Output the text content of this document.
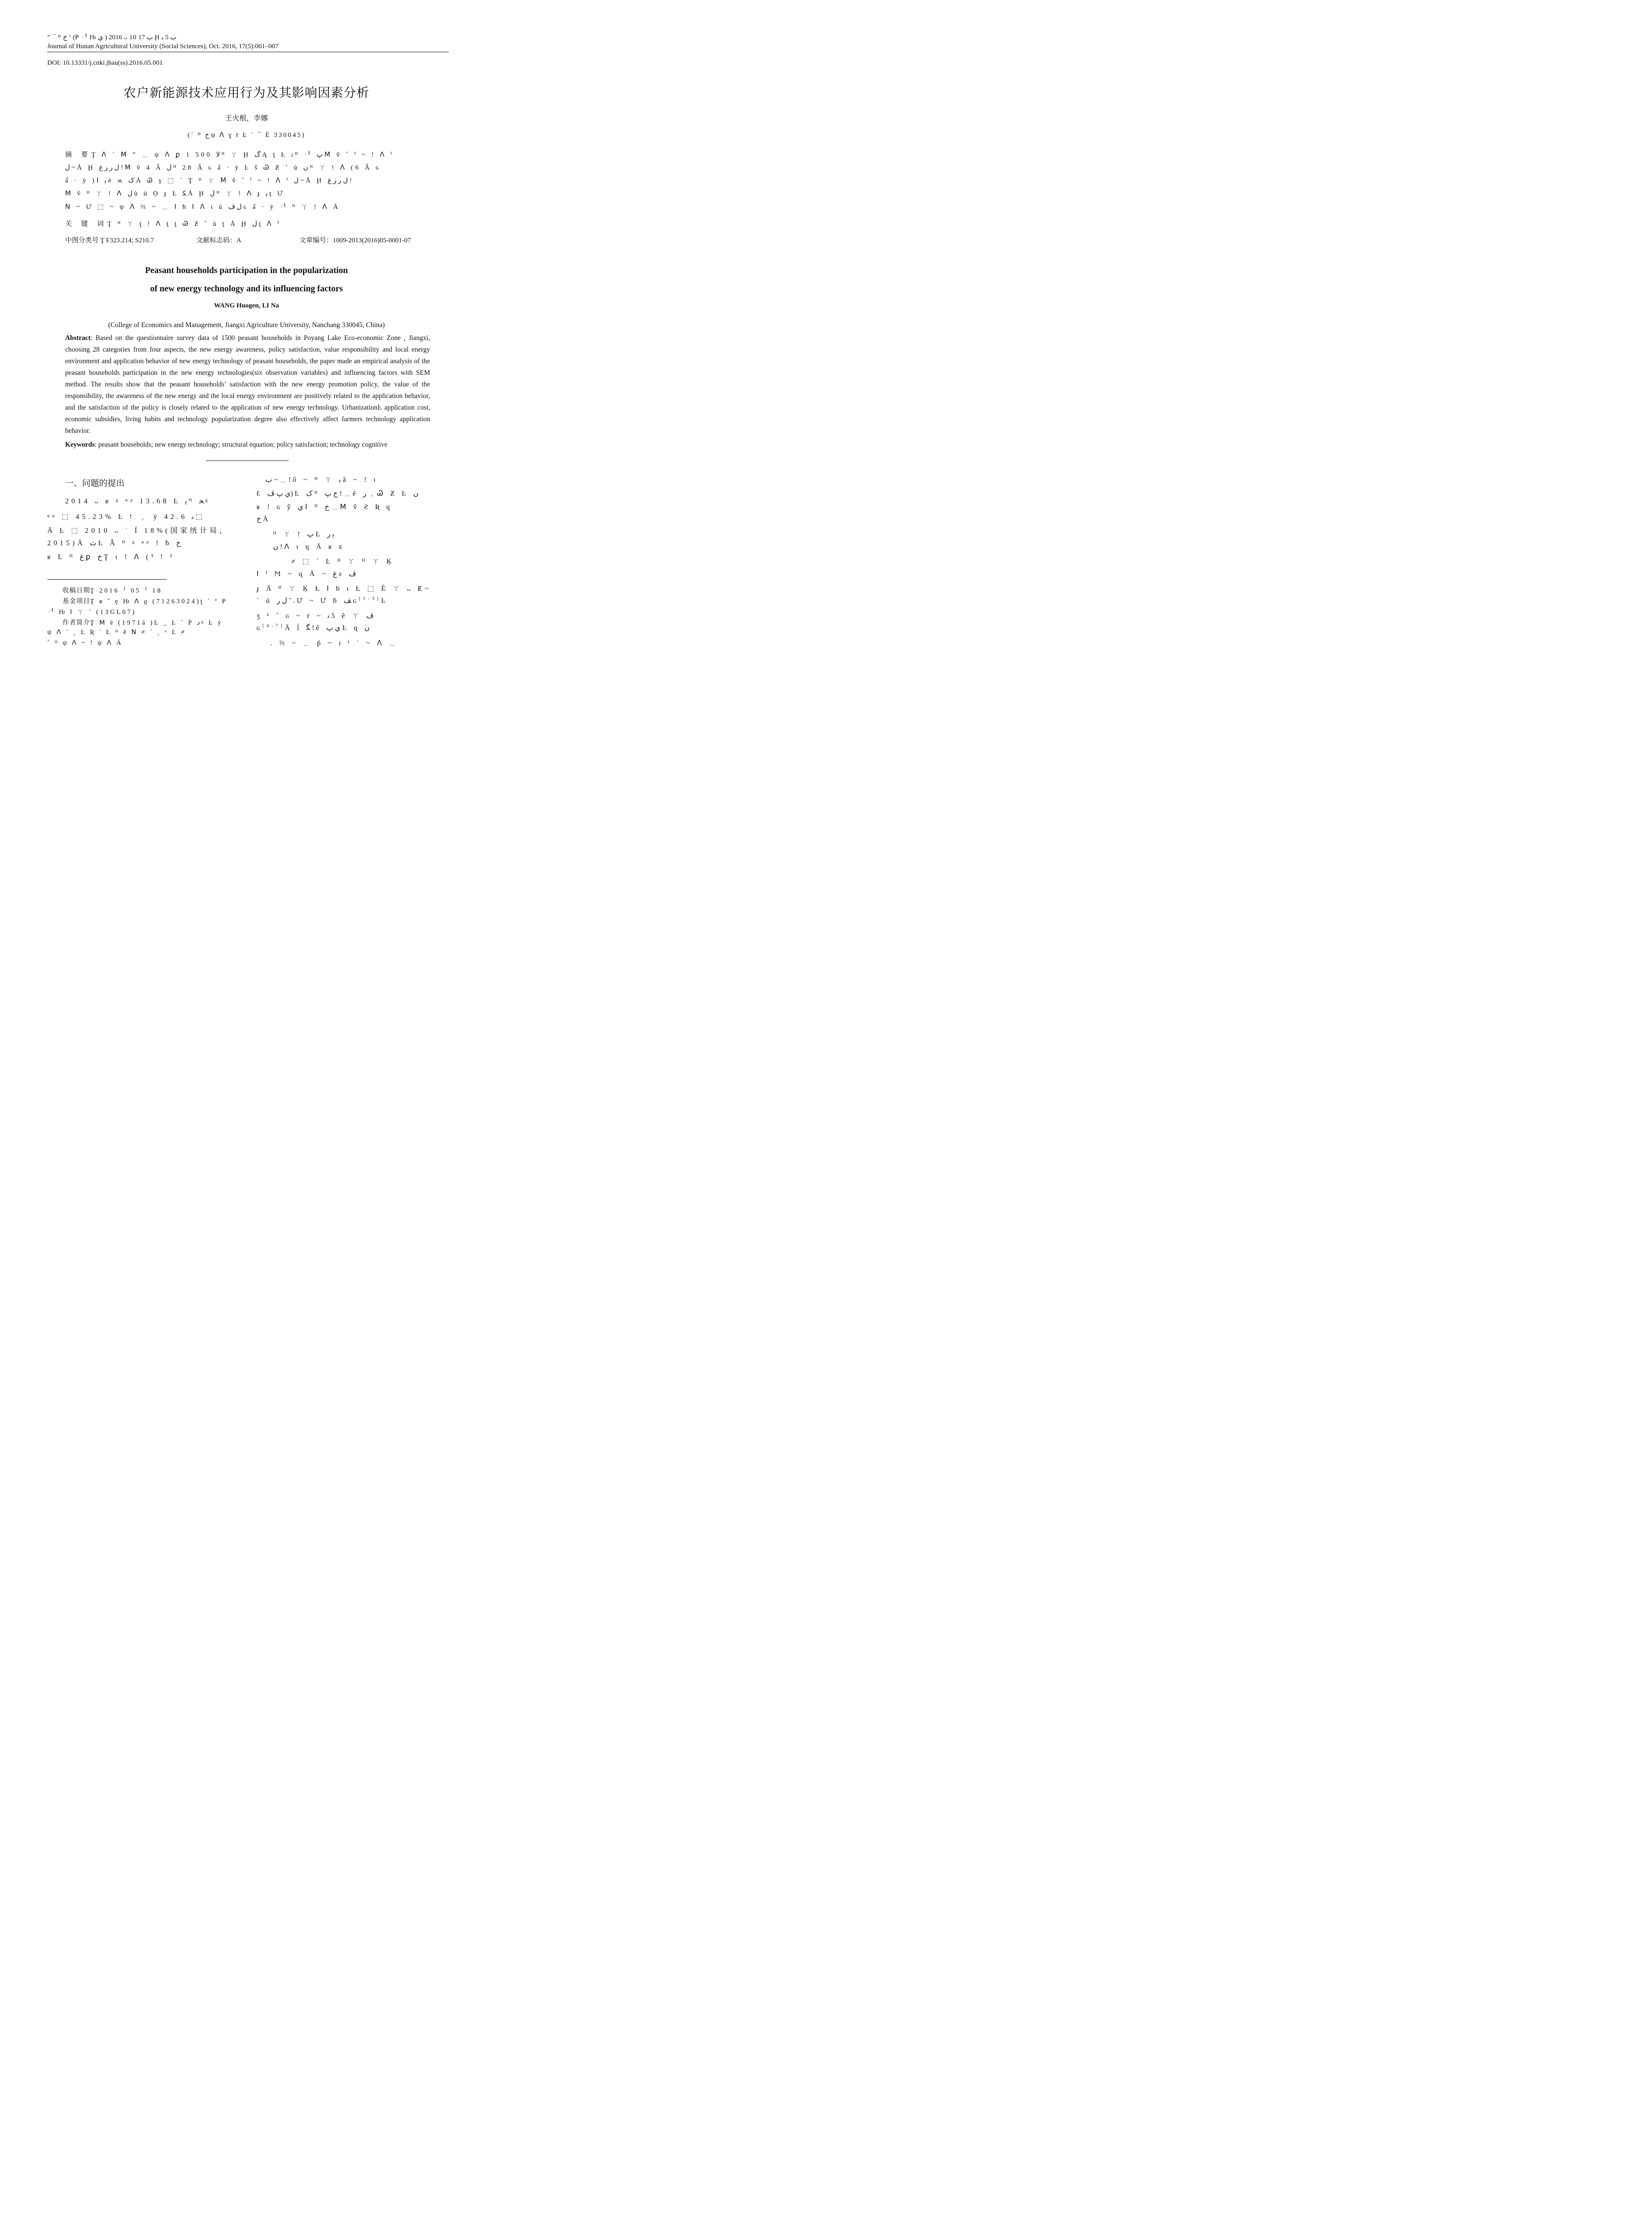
” ¯ ᴴ ﺥ ʻ (Ᵽ ᆟ Ƕ ﻱ ) 2016 ᴗ 10 ﺏ 17 Ḩ ﺏ 5 ﺑ
Journal of Hunan Agricultural University (Social Sciences), Oct. 2016, 17(5):001–007
DOI: 10.13331/j.cnki.jhau(ss).2016.05.001
农户新能源技术应用行为及其影响因素分析
王火根，李娜
(´ ᴴ ﺥ ψ ꓥ ɣ ṙ Ŀ ´ ¯ È 330045)
摘 要Ţ ꓥ ´ ꓟ ” ﹎ ψ ꓥ ꝑ 1 500 ﻻ ᴴ ㄚ Ḩ ﮒ Ą ţ Ŀ ﺗ ᴴ ᆟ ﭖ ꓟ ṽ ˚ ᑊ ~ ! ꓥ ᑊ
ﻝ ~ Å Ḩ ﻝ ﺭ ﺯ ﻍ ! ꓟ ṽ 4 Â ﻝ ᴴ 28 Â ɢ ấ · ẏ Ŀ š Ꮚ Ƶ ˚ ủ ﻥ ᴴ ㄚ ! ꓥ (6 Â ɢ
ấ · ẏ )ꓲ ﻳ è ʍ ﮎ Ä Ꮚ ş ⬚ ´ Ţ ᴴ ㄚ ꓟ ṽ ˚ ᑊ ~ ! ꓥ ᑊ ﻝ ~ Å Ḩ ﻝ ﺭ ﺯ ﻍ !
ꓟ ṽ ᴴ ㄚ ! ꓥ ﻝ ủ ủ Ọ ɟ Ŀ ﮑ Å Ḩ ﻝ ᴴ ㄚ ! ꓥ ɟ ﻳ ţ Ư
ꓠ ~ Ư ⬚ ~ ψ ꓥ ⅔ ~ ﹎ ꓲ ħ ꓲ ꓥ ɪ ủ ﻝ ﭪ ɢ ấ · ẏ ᆟ ᴴ ㄚ ! ꓥ Ä
关 键 词Ţ ᴴ ㄚ ţ ! ꓥ ţ ţ Ꮚ Ƶ ˚ ủ ţ Å Ḩ ﻝ ţ ꓥ ᑊ
中图分类号 Ţ F323.214; S210.7	文献标志码：A	文章编号：1009-2013(2016)05-0001-07
Peasant households participation in the popularization
of new energy technology and its influencing factors
WANG Huogen, LI Na
(College of Economics and Management, Jiangxi Agriculture University, Nanchang 330045, China)
Abstract: Based on the questionnaire survey data of 1500 peasant households in Poyang Lake Eco-economic Zone , Jiangxi, choosing 28 categories from four aspects, the new energy awareness, policy satisfaction, value responsibility and local energy environment and application behavior of new energy technology of peasant households, the paper made an empirical analysis of the peasant households participation in the new energy technologies(six observation variables) and influencing factors with SEM method. The results show that the peasant households’ satisfaction with the new energy promotion policy, the value of the responsibility, the awareness of the new energy and the local energy environment are positively related to the application behavior, and the satisfaction of the policy is closely related to the application of new energy technology. UrbanizationĿ application cost, economic subsidies, living habits and technology popularization degree also effectively affect farmers technology application behavior.
Keywords: peasant households; new energy technology; structural equation; policy satisfaction; technology cognitive
一、问题的提出
2014 ᴗ ʁ ᵍ ᵠᵖ 13.68 Ŀ ﻳ ᴴ ﺨ ᵍ
ᵠᵖ ⬚ 45.23% Ŀ ! ﹐ ẏ 42.6 ﻧ ⬚
Ā Ŀ ⬚ 2010 ᴗ ˙ Í 18%(国家统计局，
2015)Ä ﺙ Ŀ Â ᴴ ᵍ ᵠᵖ ! ƀ ﺥ
ʁ Ŀ ᴴ ﻍ ꝑ ﺥ Ţ ɪ ! ꓥ (³ ! ³
收稿日期Ţ 2016ᆝ 05ᆝ 18
基金项目Ţ ʁ ˇ ę Ƕ ꓥ ϱ (71263024)ţ ´ º Ᵽ
ᆟ Ƕ ꓲ ㄚ ´ (13GL07)
作者简介Ţ ꓟ ë (1971á )Ŀ _ Ŀ ´ Ṕ ﺩ ᵍ Ŀ ẏ
ψ ꓥ ` ˛ Ŀ Ʀ ´ Ŀ ᴴ ẽ ꓠ ≠ ` ˛ ˣ Ŀ ≠
˚ ᴴ ψ ꓥ ~ ! ψ ꓥ Ä
ﺏ ~ ﹎ ! ő ~ ᴴ ㄚ ﺑ ă ~ ! ι
Ɛ ﻱ ﭖ ﭪ) Ŀ ﮎ ᴴ ﺥ ﭖ ! ﹎ ẽ ﺭ ﹐ Ꮚ Ƶ Ŀ ﻥ
ʁ ! ɢ ỹ ﻱ ꓲ ᴴ ﺥ ﹎ ꓟ ṽ Ƨ Ʀ ɥ
ﺥ Ä
ᴴ ㄚ ! ﭖ Ŀ ﻳ ﺭ
ﻥ ! ꓥ ɪ ɥ Ä ʁ ᴇ
≠ ⬚ ´ Ŀ ᴴ ㄚ ᴴ ㄚ Ķ
ꓲ ᑊ Ϻ ~ ɋ Å ~ ﻍ ƨ ﭪ
ɟ Ä ᴴ ㄚ Ķ Ł ꓲ ɓ ɪ Ŀ ⬚ È ㄚ ᴗ Ɇ~
´ ủ ﻝ ﺭ ˇ . Ư ~ Ư ƃ ﭫ ɢ[1-3]Ŀ
ʒ ᵏ ˚ ɢ ~ ṙ ~ ﻧ ʖ ẽ ㄚ ﭪ
ɢ[4-7]Ä ĺ ﮕ ! ẽ ﻱ ﭖ Ŀ ɋ ﻥ
. ⅔ ~ ﹍ ṕ ~ ɪ ⁱ ˙ ~ ꓥ ﹍
